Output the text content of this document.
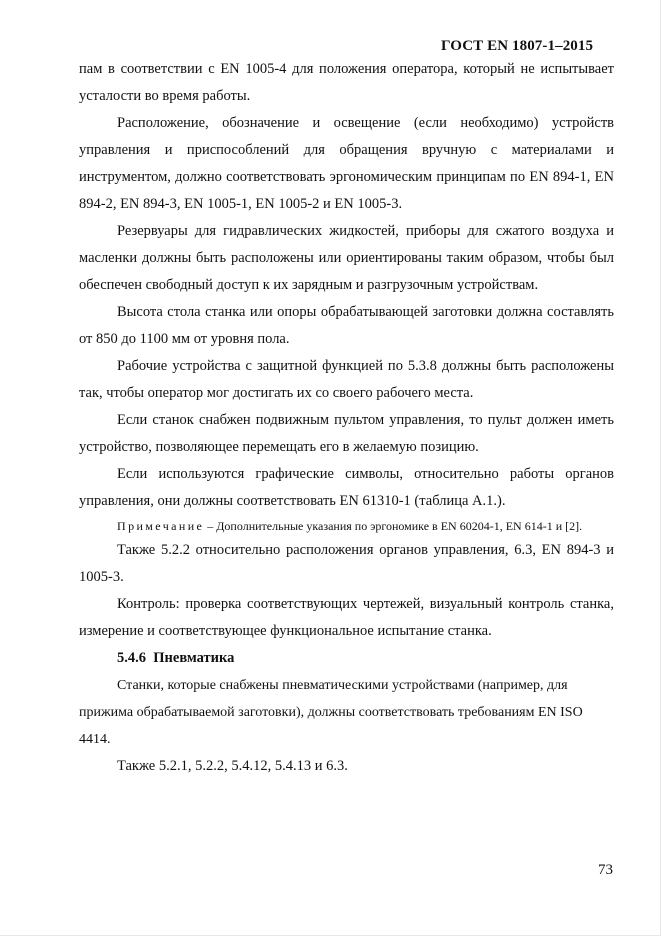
ГОСТ EN 1807-1–2015

пам в соответствии с EN 1005-4 для положения оператора, который не испытывает усталости во время работы.

Расположение, обозначение и освещение (если необходимо) устройств управления и приспособлений для обращения вручную с материалами и инструментом, должно соответствовать эргономическим принципам по EN 894-1, EN 894-2, EN 894-3, EN 1005-1, EN 1005-2 и EN 1005-3.

Резервуары для гидравлических жидкостей, приборы для сжатого воздуха и масленки должны быть расположены или ориентированы таким образом, чтобы был обеспечен свободный доступ к их зарядным и разгрузочным устройствам.

Высота стола станка или опоры обрабатывающей заготовки должна составлять от 850 до 1100 мм от уровня пола.

Рабочие устройства с защитной функцией по 5.3.8 должны быть расположены так, чтобы оператор мог достигать их со своего рабочего места.

Если станок снабжен подвижным пультом управления, то пульт должен иметь устройство, позволяющее перемещать его в желаемую позицию.

Если используются графические символы, относительно работы органов управления, они должны соответствовать EN 61310-1 (таблица А.1.).

Примечание – Дополнительные указания по эргономике в EN 60204-1, EN 614-1 и [2].

Также 5.2.2 относительно расположения органов управления, 6.3, EN 894-3 и 1005-3.

Контроль: проверка соответствующих чертежей, визуальный контроль станка, измерение и соответствующее функциональное испытание станка.

5.4.6 Пневматика

Станки, которые снабжены пневматическими устройствами (например, для прижима обрабатываемой заготовки), должны соответствовать требованиям EN ISO 4414.

Также 5.2.1, 5.2.2, 5.4.12, 5.4.13 и 6.3.

73
